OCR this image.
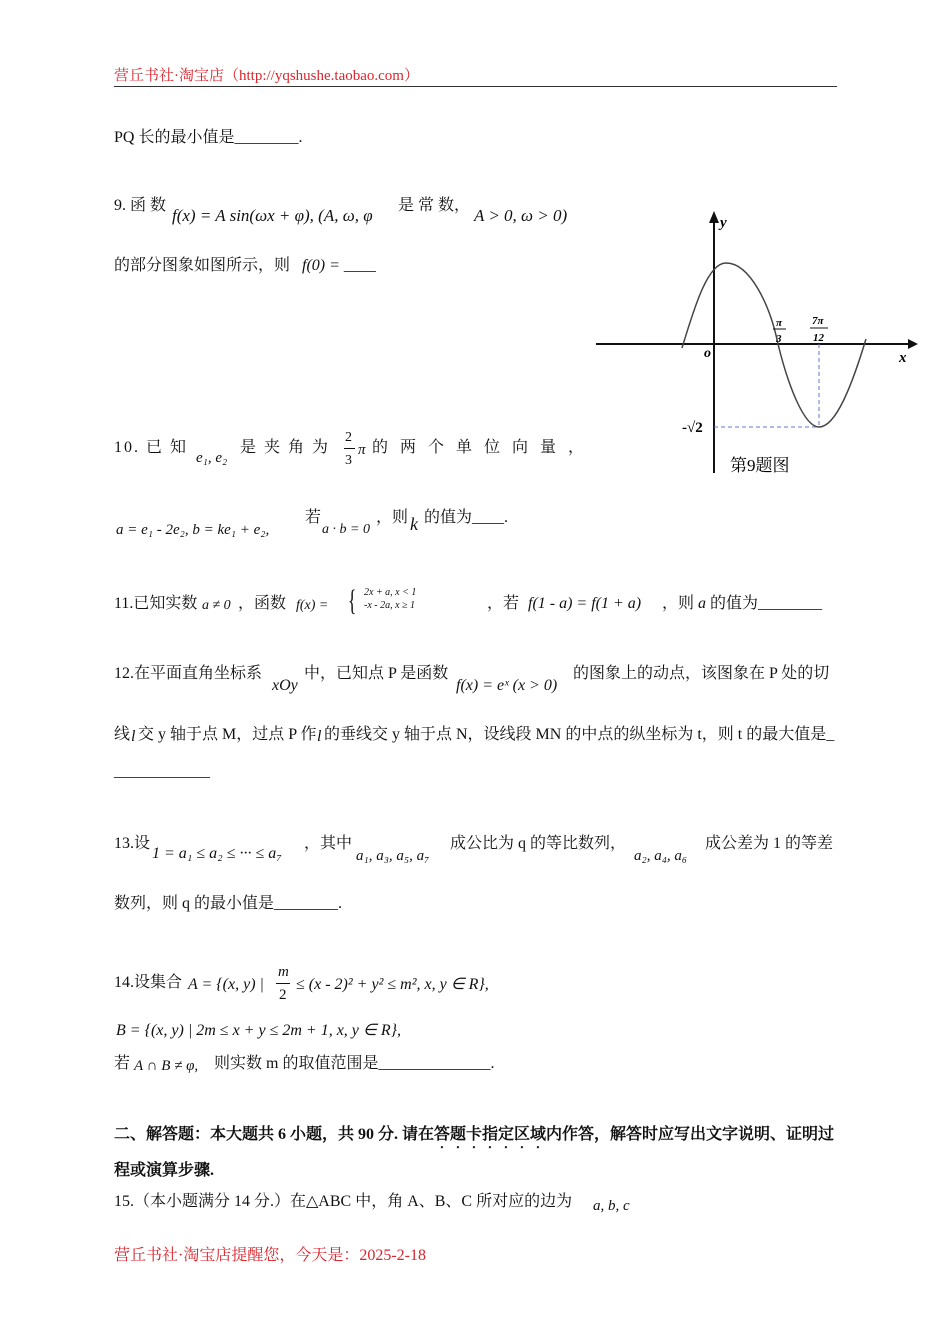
营丘书社·淘宝店（http://yqshushe.taobao.com）
PQ 长的最小值是________.
9. 函 数
f(x) = A sin(ωx + φ), (A, ω, φ
是 常 数，
A > 0, ω > 0)
的部分图象如图所示，则 f(0) = ____
y
x
o
π
3
7π
12
-√2
第9题图
10. 已 知
e₁, e₂
是 夹 角 为
2
3
π 的 两 个 单 位 向 量 ，
a = e₁ - 2e₂, b = ke₁ + e₂,
若
a · b = 0
，则 k 的值为____.
11.已知实数 a ≠ 0 ，函数 f(x) = { 2x + a, x < 1
-x - 2a, x ≥ 1	，若 f(1 - a) = f(1 + a) ，则 a 的值为________
12.在平面直角坐标系
xOy
中，已知点 P 是函数
f(x) = eˣ (x > 0)
的图象上的动点，该图象在 P 处的切
线 l 交 y 轴于点 M，过点 P 作 l 的垂线交 y 轴于点 N，设线段 MN 的中点的纵坐标为 t，则 t 的最大值是_
____________
13.设
1 = a₁ ≤ a₂ ≤ ··· ≤ a₇
，其中
a₁, a₃, a₅, a₇
成公比为 q 的等比数列，
a₂, a₄, a₆
成公差为 1 的等差
数列，则 q 的最小值是________.
14.设集合 A = {(x, y) |
m
2
≤ (x - 2)² + y² ≤ m², x, y ∈ R},
B = {(x, y) | 2m ≤ x + y ≤ 2m + 1, x, y ∈ R},
若 A ∩ B ≠ φ, 则实数 m 的取值范围是______________.
二、解答题：本大题共 6 小题，共 90 分. 请在答题卡指定区域内作答，解答时应写出文字说明、证明过
程或演算步骤.
15.（本小题满分 14 分.）在△ABC 中，角 A、B、C 所对应的边为 a, b, c
营丘书社·淘宝店提醒您，今天是：2025-2-18
